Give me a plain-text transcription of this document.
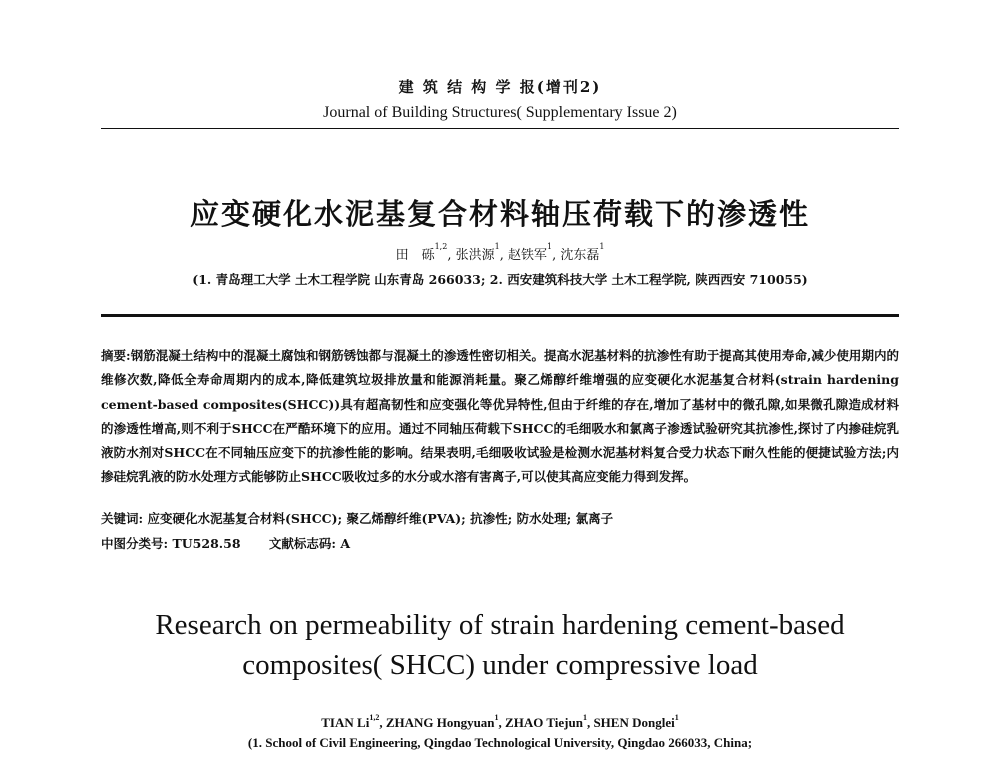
建 筑 结 构 学 报(增刊2)
Journal of Building Structures( Supplementary Issue 2)
应变硬化水泥基复合材料轴压荷载下的渗透性
田　砾$^{1,2}$, 张洪源$^1$, 赵铁军$^1$, 沈东磊$^1$
(1. 青岛理工大学 土木工程学院 山东青岛 266033; 2. 西安建筑科技大学 土木工程学院, 陕西西安 710055)
摘要:钢筋混凝土结构中的混凝土腐蚀和钢筋锈蚀都与混凝土的渗透性密切相关。提高水泥基材料的抗渗性有助于提高其使用寿命,减少使用期内的维修次数,降低全寿命周期内的成本,降低建筑垃圾排放量和能源消耗量。聚乙烯醇纤维增强的应变硬化水泥基复合材料(strain hardening cement-based composites(SHCC))具有超高韧性和应变强化等优异特性,但由于纤维的存在,增加了基材中的微孔隙,如果微孔隙造成材料的渗透性增高,则不利于SHCC在严酷环境下的应用。通过不同轴压荷载下SHCC的毛细吸水和氯离子渗透试验研究其抗渗性,探讨了内掺硅烷乳液防水剂对SHCC在不同轴压应变下的抗渗性能的影响。结果表明,毛细吸收试验是检测水泥基材料复合受力状态下耐久性能的便捷试验方法;内掺硅烷乳液的防水处理方式能够防止SHCC吸收过多的水分或水溶有害离子,可以使其高应变能力得到发挥。
关键词: 应变硬化水泥基复合材料(SHCC); 聚乙烯醇纤维(PVA); 抗渗性; 防水处理; 氯离子
中图分类号: TU528.58 文献标志码: A
Research on permeability of strain hardening cement-based
composites( SHCC) under compressive load
TIAN Li$^{1,2}$, ZHANG Hongyuan$^1$, ZHAO Tiejun$^1$, SHEN Donglei$^1$
(1. School of Civil Engineering, Qingdao Technological University, Qingdao 266033, China;
